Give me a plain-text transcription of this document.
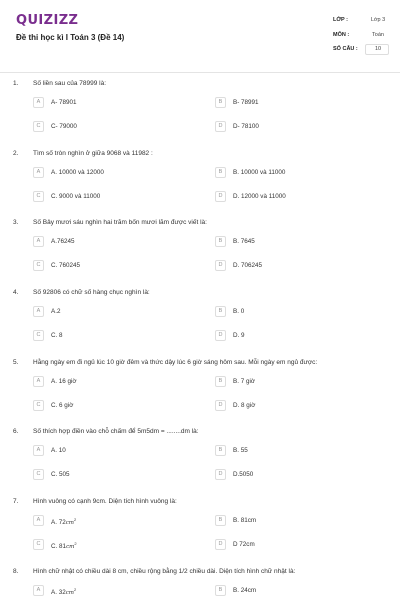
QUIZIZZ
Đề thi học kì I Toán 3 (Đề 14)
LỚP :	Lớp 3
MÔN :	Toán
SỐ CÂU :	10
1. Số liền sau của 78999 là:
A	A- 78901	B	B- 78991
C	C- 79000	D	D- 78100
2. Tìm số tròn nghìn ở giữa 9068 và 11982 :
A	A. 10000 và 12000	B	B. 10000 và 11000
C	C. 9000 và 11000	D	D. 12000 và 11000
3. Số Bảy mươi sáu nghìn hai trăm bốn mươi lăm được viết là:
A	A.76245	B	B. 7645
C	C. 760245	D	D. 706245
4. Số 92806 có chữ số hàng chục nghìn là:
A	A.2	B	B. 0
C	C. 8	D	D. 9
5. Hằng ngày em đi ngủ lúc 10 giờ đêm và thức dậy lúc 6 giờ sáng hôm sau. Mỗi ngày em ngủ được:
A	A. 16 giờ	B	B. 7 giờ
C	C. 6 giờ	D	D. 8 giờ
6. Số thích hợp điền vào chỗ chấm để 5m5dm = ........dm là:
A	A. 10	B	B. 55
C	C. 505	D	D.5050
7. Hình vuông có cạnh 9cm. Diện tích hình vuông là:
A	A. $72cm^2$	B	B. 81cm
C	C. $81cm^2$	D	D 72cm
8. Hình chữ nhật có chiều dài 8 cm, chiều rộng bằng 1/2 chiều dài. Diện tích hình chữ nhật là:
A	A. $32cm^2$	B	B. 24cm
